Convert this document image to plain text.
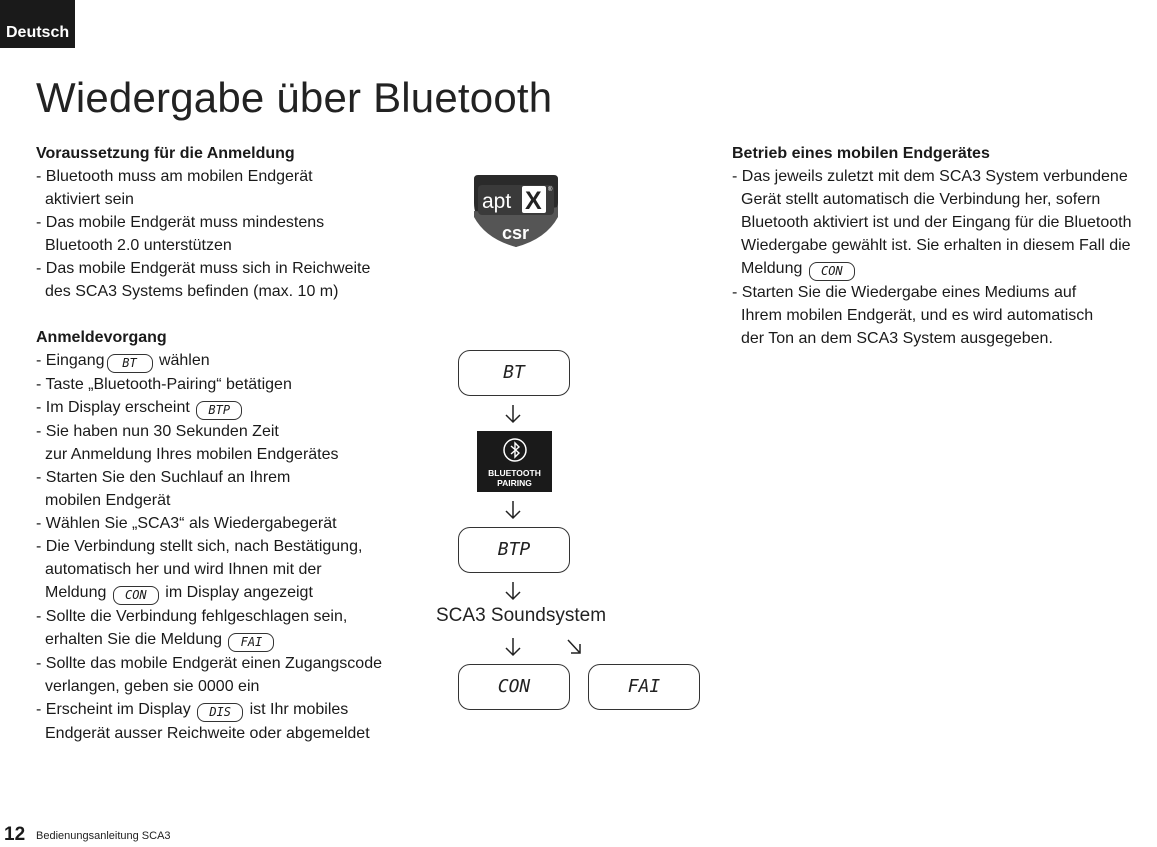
Deutsch
Wiedergabe über Bluetooth
Voraussetzung für die Anmeldung
- Bluetooth muss am mobilen Endgerät
aktiviert sein
- Das mobile Endgerät muss mindestens
Bluetooth 2.0 unterstützen
- Das mobile Endgerät muss sich in Reichweite
des SCA3 Systems befinden (max. 10 m)
Anmeldevorgang
- Eingang BT wählen
- Taste „Bluetooth-Pairing“ betätigen
- Im Display erscheint BTP
- Sie haben nun 30 Sekunden Zeit
zur Anmeldung Ihres mobilen Endgerätes
- Starten Sie den Suchlauf an Ihrem
mobilen Endgerät
- Wählen Sie „SCA3“ als Wiedergabegerät
- Die Verbindung stellt sich, nach Bestätigung,
automatisch her und wird Ihnen mit der
Meldung CON im Display angezeigt
- Sollte die Verbindung fehlgeschlagen sein,
erhalten Sie die Meldung FAI
- Sollte das mobile Endgerät einen Zugangscode
verlangen, geben sie 0000 ein
- Erscheint im Display DIS ist Ihr mobiles
Endgerät ausser Reichweite oder abgemeldet
Betrieb eines mobilen Endgerätes
- Das jeweils zuletzt mit dem SCA3 System verbundene
Gerät stellt automatisch die Verbindung her, sofern
Bluetooth aktiviert ist und der Eingang für die Bluetooth
Wiedergabe gewählt ist. Sie erhalten in diesem Fall die
Meldung CON
- Starten Sie die Wiedergabe eines Mediums auf
Ihrem mobilen Endgerät, und es wird automatisch
der Ton an dem SCA3 System ausgegeben.
apt X ®
csr
BT
BLUETOOTH
PAIRING
BTP
SCA3 Soundsystem
CON	FAI
12 Bedienungsanleitung SCA3
